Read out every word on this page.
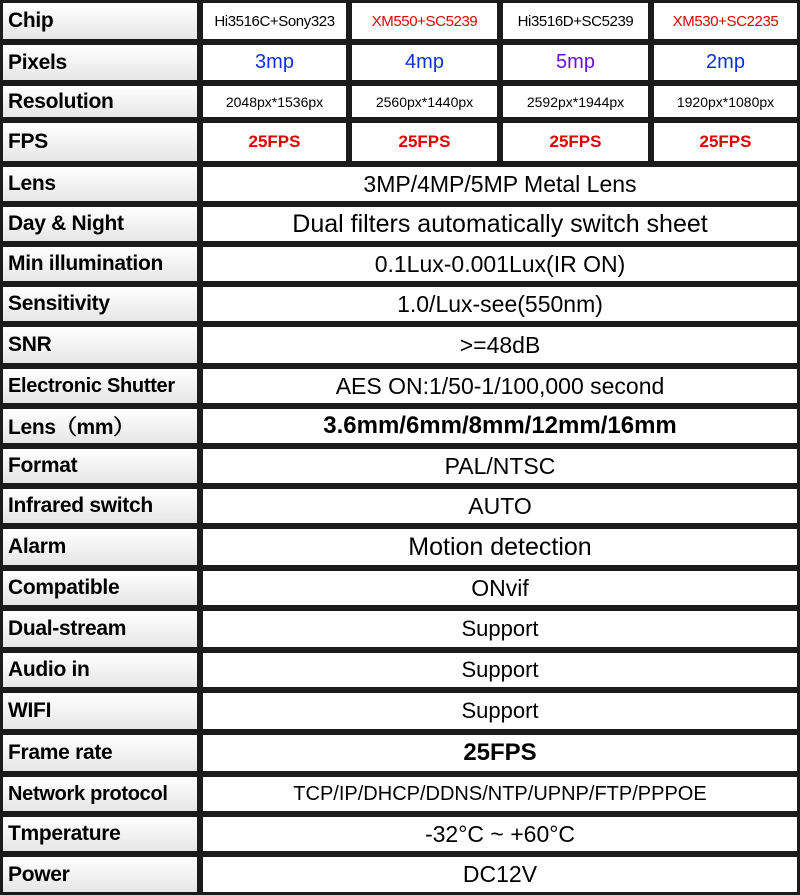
Chip	Hi3516C+Sony323	XM550+SC5239	Hi3516D+SC5239	XM530+SC2235
Pixels	3mp	4mp	5mp	2mp
Resolution	2048px*1536px	2560px*1440px	2592px*1944px	1920px*1080px
FPS	25FPS	25FPS	25FPS	25FPS
Lens	3MP/4MP/5MP Metal Lens
Day & Night	Dual filters automatically switch sheet
Min illumination	0.1Lux-0.001Lux(IR ON)
Sensitivity	1.0/Lux-see(550nm)
SNR	>=48dB
Electronic Shutter	AES ON:1/50-1/100,000 second
Lens（mm）	3.6mm/6mm/8mm/12mm/16mm
Format	PAL/NTSC
Infrared switch	AUTO
Alarm	Motion detection
Compatible	ONvif
Dual-stream	Support
Audio in	Support
WIFI	Support
Frame rate	25FPS
Network protocol	TCP/IP/DHCP/DDNS/NTP/UPNP/FTP/PPPOE
Tmperature	-32°C ~ +60°C
Power	DC12V
